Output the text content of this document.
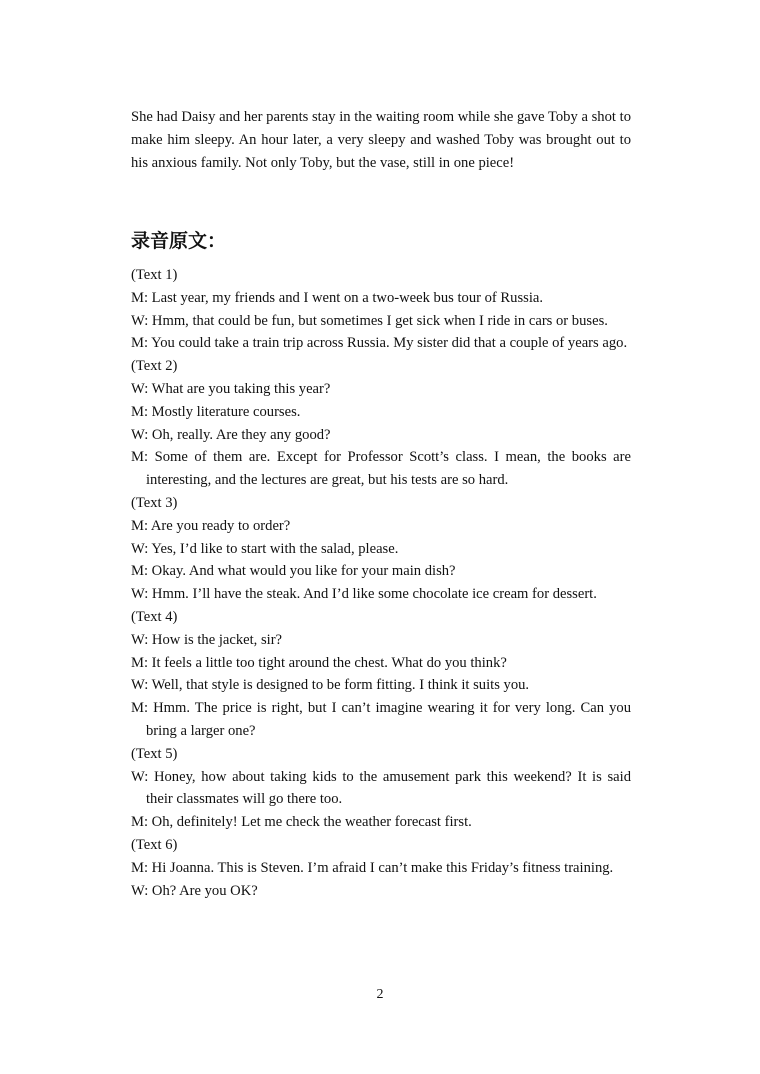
She had Daisy and her parents stay in the waiting room while she gave Toby a shot to make him sleepy. An hour later, a very sleepy and washed Toby was brought out to his anxious family. Not only Toby, but the vase, still in one piece!
录音原文：
(Text 1)
M: Last year, my friends and I went on a two-week bus tour of Russia.
W: Hmm, that could be fun, but sometimes I get sick when I ride in cars or buses.
M: You could take a train trip across Russia. My sister did that a couple of years ago.
(Text 2)
W: What are you taking this year?
M: Mostly literature courses.
W: Oh, really. Are they any good?
M: Some of them are. Except for Professor Scott’s class. I mean, the books are interesting, and the lectures are great, but his tests are so hard.
(Text 3)
M: Are you ready to order?
W: Yes, I’d like to start with the salad, please.
M: Okay. And what would you like for your main dish?
W: Hmm. I’ll have the steak. And I’d like some chocolate ice cream for dessert.
(Text 4)
W: How is the jacket, sir?
M: It feels a little too tight around the chest. What do you think?
W: Well, that style is designed to be form fitting. I think it suits you.
M: Hmm. The price is right, but I can’t imagine wearing it for very long. Can you bring a larger one?
(Text 5)
W: Honey, how about taking kids to the amusement park this weekend? It is said their classmates will go there too.
M: Oh, definitely! Let me check the weather forecast first.
(Text 6)
M: Hi Joanna. This is Steven. I’m afraid I can’t make this Friday’s fitness training.
W: Oh? Are you OK?
2
